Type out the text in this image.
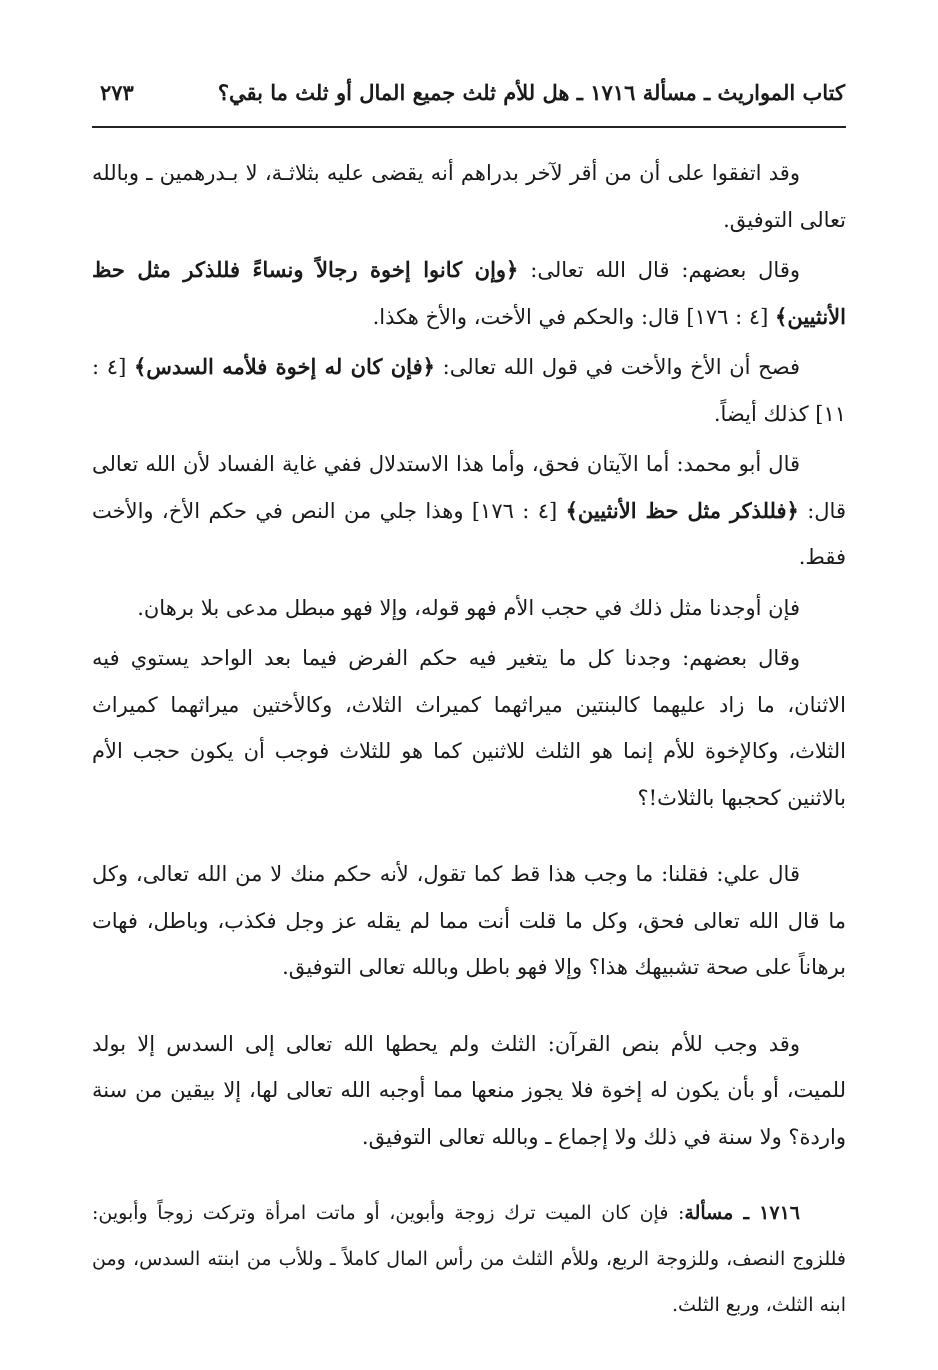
كتاب المواريث ـ مسألة ١٧١٦ ـ هل للأم ثلث جميع المال أو ثلث ما بقي؟
٢٧٣

وقد اتفقوا على أن من أقر لآخر بدراهم أنه يقضى عليه بثلاثـة، لا بـدرهمين ـ وبالله تعالى التوفيق.

وقال بعضهم: قال الله تعالى: ﴿وإن كانوا إخوة رجالاً ونساءً فللذكر مثل حظ الأنثيين﴾ [٤ : ١٧٦] قال: والحكم في الأخت، والأخ هكذا.

فصح أن الأخ والأخت في قول الله تعالى: ﴿فإن كان له إخوة فلأمه السدس﴾ [٤ : ١١] كذلك أيضاً.

قال أبو محمد: أما الآيتان فحق، وأما هذا الاستدلال ففي غاية الفساد لأن الله تعالى قال: ﴿فللذكر مثل حظ الأنثيين﴾ [٤ : ١٧٦] وهذا جلي من النص في حكم الأخ، والأخت فقط.

فإن أوجدنا مثل ذلك في حجب الأم فهو قوله، وإلا فهو مبطل مدعى بلا برهان.

وقال بعضهم: وجدنا كل ما يتغير فيه حكم الفرض فيما بعد الواحد يستوي فيه الاثنان، ما زاد عليهما كالبنتين ميراثهما كميراث الثلاث، وكالأختين ميراثهما كميراث الثلاث، وكالإخوة للأم إنما هو الثلث للاثنين كما هو للثلاث فوجب أن يكون حجب الأم بالاثنين كحجبها بالثلاث!؟

قال علي: فقلنا: ما وجب هذا قط كما تقول، لأنه حكم منك لا من الله تعالى، وكل ما قال الله تعالى فحق، وكل ما قلت أنت مما لم يقله عز وجل فكذب، وباطل، فهات برهاناً على صحة تشبيهك هذا؟ وإلا فهو باطل وبالله تعالى التوفيق.

وقد وجب للأم بنص القرآن: الثلث ولم يحطها الله تعالى إلى السدس إلا بولد للميت، أو بأن يكون له إخوة فلا يجوز منعها مما أوجبه الله تعالى لها، إلا بيقين من سنة واردة؟ ولا سنة في ذلك ولا إجماع ـ وبالله تعالى التوفيق.

١٧١٦ ـ مسألة: فإن كان الميت ترك زوجة وأبوين، أو ماتت امرأة وتركت زوجاً وأبوين: فللزوج النصف، وللزوجة الربع، وللأم الثلث من رأس المال كاملاً ـ وللأب من ابنته السدس، ومن ابنه الثلث، وربع الثلث.
